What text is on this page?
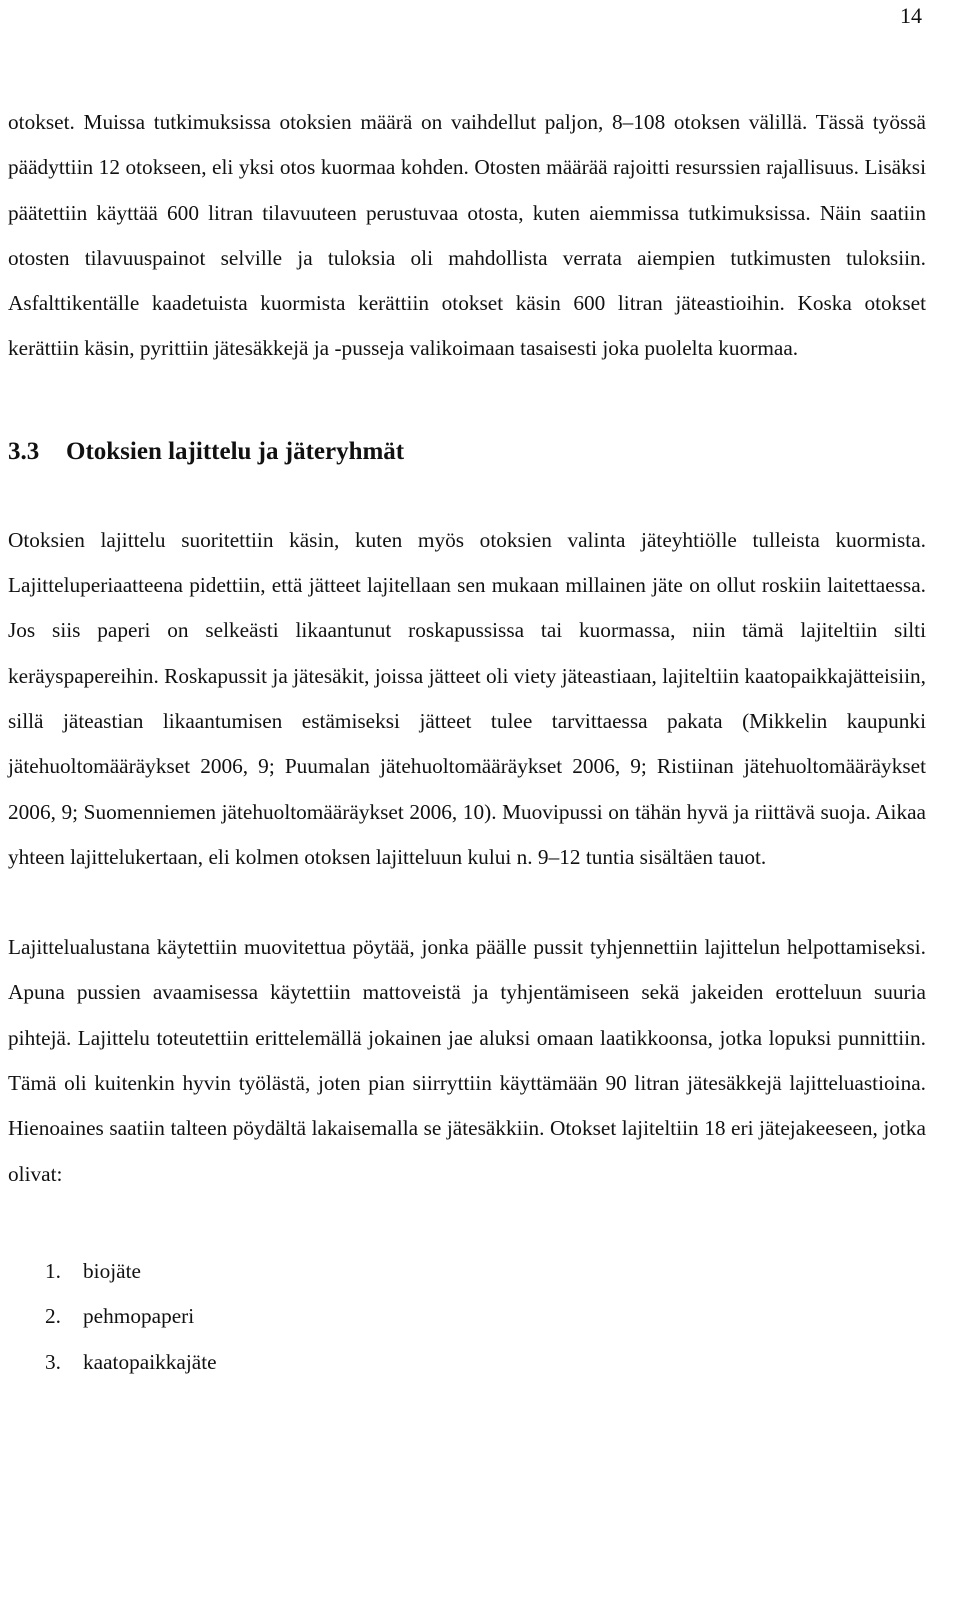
14

otokset. Muissa tutkimuksissa otoksien määrä on vaihdellut paljon, 8–108 otoksen välillä. Tässä työssä päädyttiin 12 otokseen, eli yksi otos kuormaa kohden. Otosten määrää rajoitti resurssien rajallisuus. Lisäksi päätettiin käyttää 600 litran tilavuuteen perustuvaa otosta, kuten aiemmissa tutkimuksissa. Näin saatiin otosten tilavuuspainot selville ja tuloksia oli mahdollista verrata aiempien tutkimusten tuloksiin. Asfalttikentälle kaadetuista kuormista kerättiin otokset käsin 600 litran jäteastioihin. Koska otokset kerättiin käsin, pyrittiin jätesäkkejä ja -pusseja valikoimaan tasaisesti joka puolelta kuormaa.

3.3 Otoksien lajittelu ja jäteryhmät

Otoksien lajittelu suoritettiin käsin, kuten myös otoksien valinta jäteyhtiölle tulleista kuormista. Lajitteluperiaatteena pidettiin, että jätteet lajitellaan sen mukaan millainen jäte on ollut roskiin laitettaessa. Jos siis paperi on selkeästi likaantunut roskapussissa tai kuormassa, niin tämä lajiteltiin silti keräyspapereihin. Roskapussit ja jätesäkit, joissa jätteet oli viety jäteastiaan, lajiteltiin kaatopaikkajätteisiin, sillä jäteastian likaantumisen estämiseksi jätteet tulee tarvittaessa pakata (Mikkelin kaupunki jätehuoltomääräykset 2006, 9; Puumalan jätehuoltomääräykset 2006, 9; Ristiinan jätehuoltomääräykset 2006, 9; Suomenniemen jätehuoltomääräykset 2006, 10). Muovipussi on tähän hyvä ja riittävä suoja. Aikaa yhteen lajittelukertaan, eli kolmen otoksen lajitteluun kului n. 9–12 tuntia sisältäen tauot.

Lajittelualustana käytettiin muovitettua pöytää, jonka päälle pussit tyhjennettiin lajittelun helpottamiseksi. Apuna pussien avaamisessa käytettiin mattoveistä ja tyhjentämiseen sekä jakeiden erotteluun suuria pihtejä. Lajittelu toteutettiin erittelemällä jokainen jae aluksi omaan laatikkoonsa, jotka lopuksi punnittiin. Tämä oli kuitenkin hyvin työlästä, joten pian siirryttiin käyttämään 90 litran jätesäkkejä lajitteluastioina. Hienoaines saatiin talteen pöydältä lakaisemalla se jätesäkkiin. Otokset lajiteltiin 18 eri jätejakeeseen, jotka olivat:

1. biojäte
2. pehmopaperi
3. kaatopaikkajäte
